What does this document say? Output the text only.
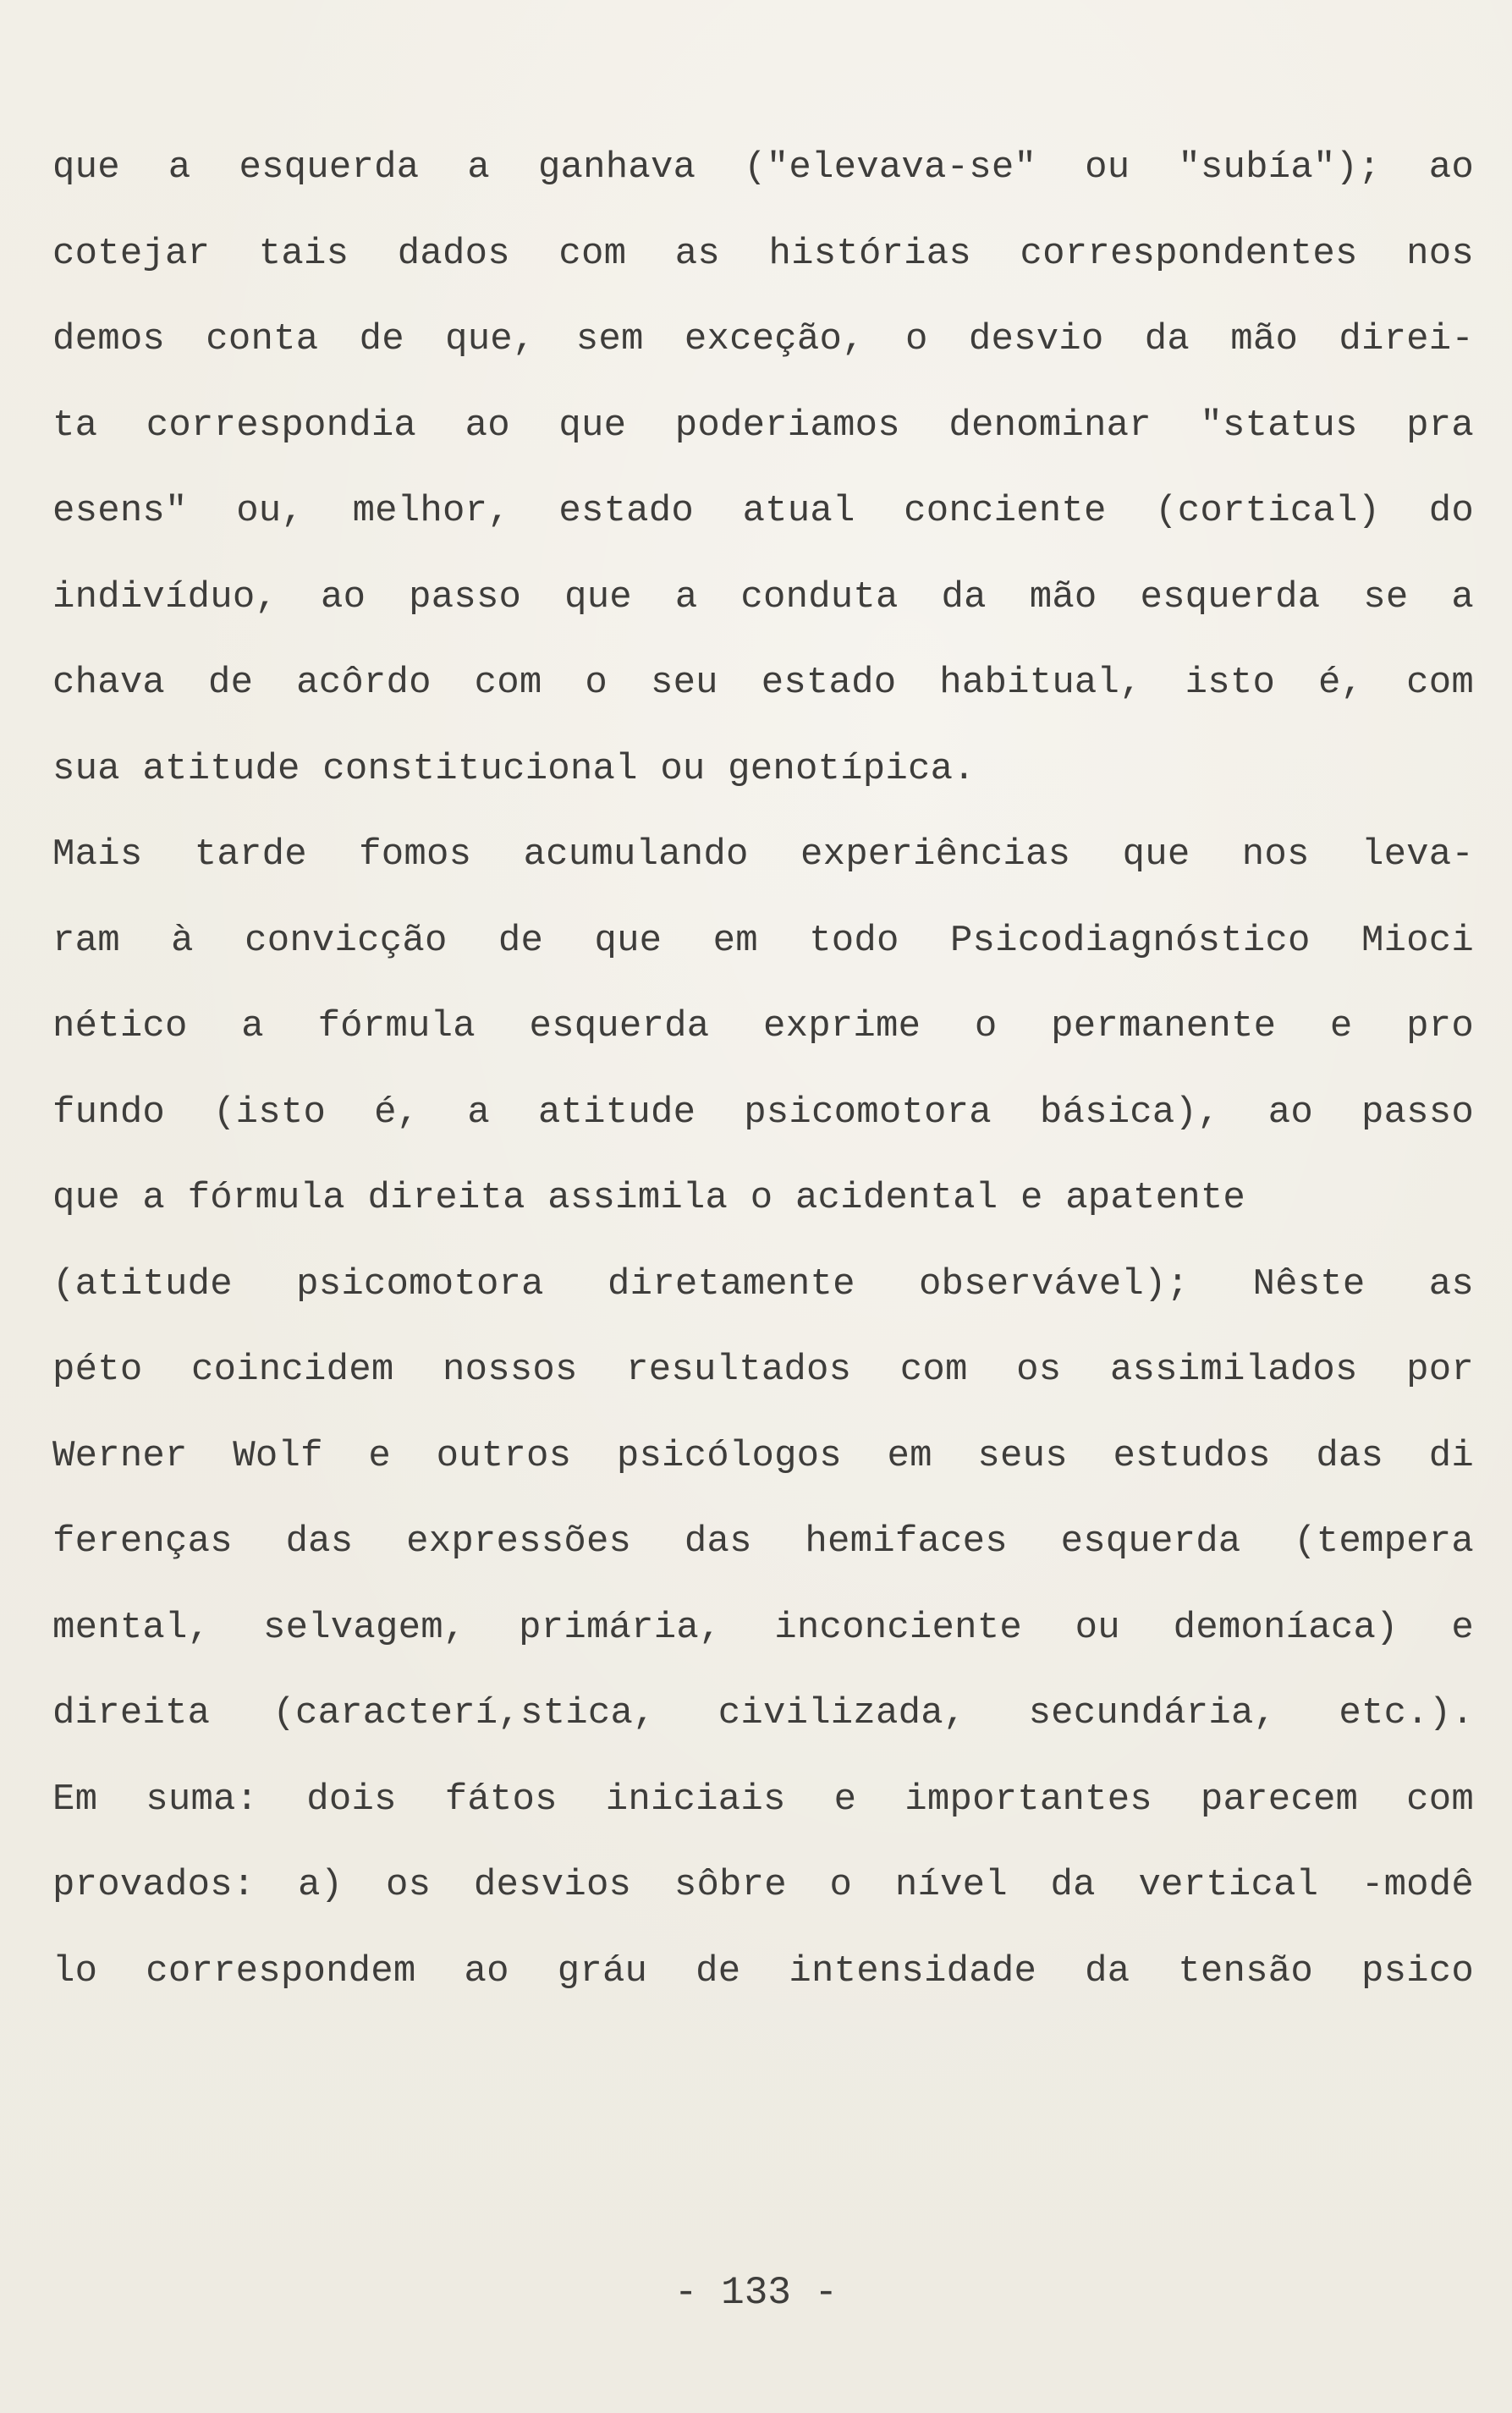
que a esquerda a ganhava ("elevava-se" ou "subía"); ao
cotejar tais dados com as histórias correspondentes nos
demos conta de que, sem exceção, o desvio da mão direi-
ta correspondia ao que poderiamos denominar "status pra
esens" ou, melhor, estado atual conciente (cortical) do
indivíduo, ao passo que a conduta da mão esquerda se a
chava de acôrdo com o seu estado habitual, isto é, com
sua atitude constitucional ou genotípica.
Mais tarde fomos acumulando experiências que nos leva-
ram à convicção de que em todo Psicodiagnóstico Mioci
nético a fórmula esquerda exprime o permanente e pro
fundo (isto é, a atitude psicomotora básica), ao passo
que a fórmula direita assimila o acidental e apatente
(atitude psicomotora diretamente observável); Nêste as
péto coincidem nossos resultados com os assimilados por
Werner Wolf e outros psicólogos em seus estudos das di
ferenças das expressões das hemifaces esquerda (tempera
mental, selvagem, primária, inconciente ou demoníaca) e
direita (caracterí,stica, civilizada, secundária, etc.).
Em suma: dois fátos iniciais e importantes parecem com
provados: a) os desvios sôbre o nível da vertical -modê
lo correspondem ao gráu de intensidade da tensão psico
- 133 -
